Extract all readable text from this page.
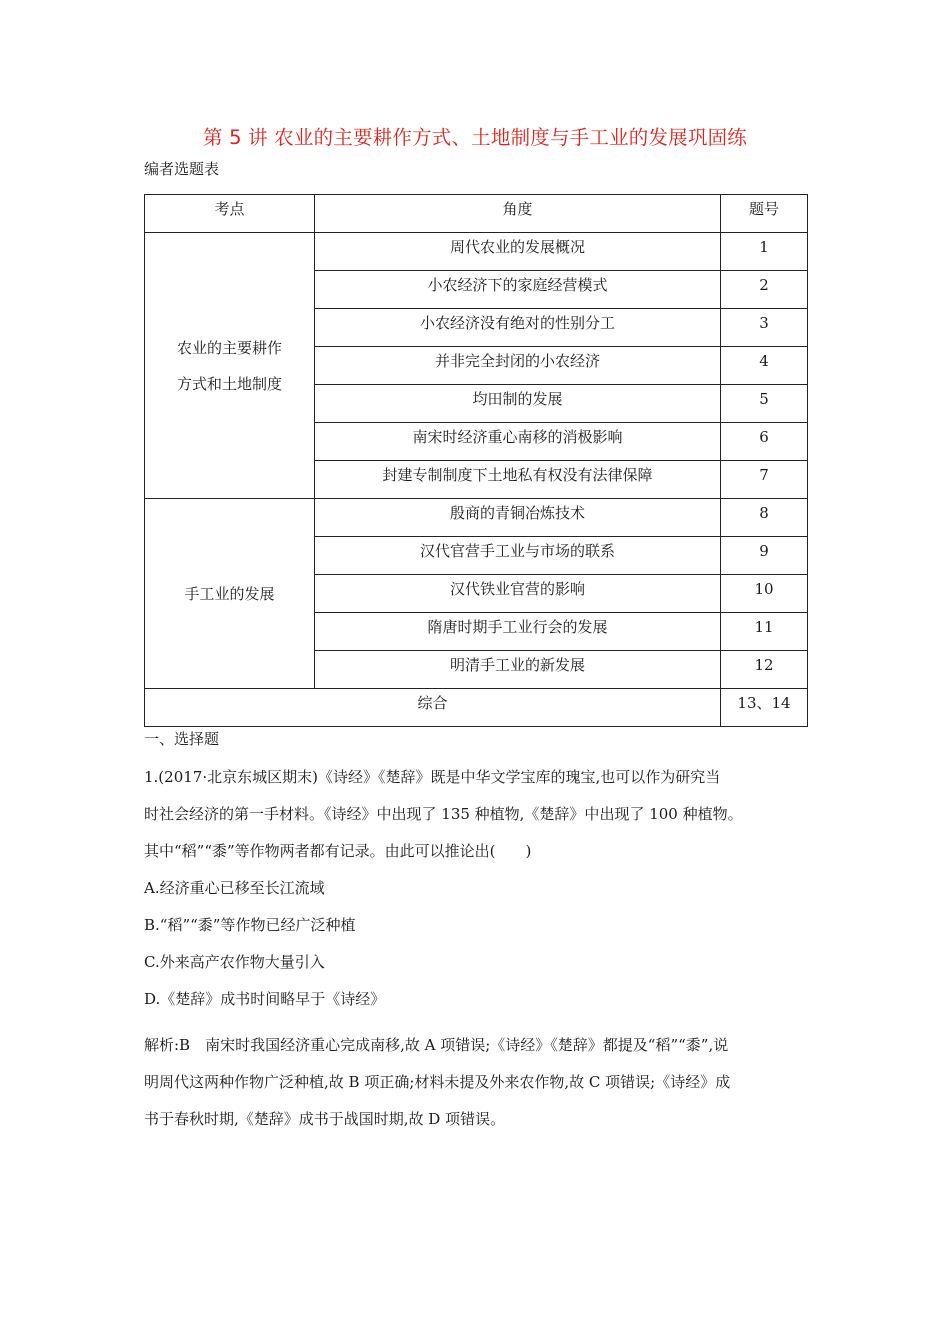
第 5 讲 农业的主要耕作方式、土地制度与手工业的发展巩固练
编者选题表
考点	角度	题号
农业的主要耕作
方式和土地制度	周代农业的发展概况	1
	小农经济下的家庭经营模式	2
	小农经济没有绝对的性别分工	3
	并非完全封闭的小农经济	4
	均田制的发展	5
	南宋时经济重心南移的消极影响	6
	封建专制制度下土地私有权没有法律保障	7
手工业的发展	殷商的青铜冶炼技术	8
	汉代官营手工业与市场的联系	9
	汉代铁业官营的影响	10
	隋唐时期手工业行会的发展	11
	明清手工业的新发展	12
综合		13、14
一、选择题

1.(2017·北京东城区期末)《诗经》《楚辞》既是中华文学宝库的瑰宝,也可以作为研究当

时社会经济的第一手材料。《诗经》中出现了 135 种植物,《楚辞》中出现了 100 种植物。

其中“稻”“黍”等作物两者都有记录。由此可以推论出(　　)

A.经济重心已移至长江流域

B.“稻”“黍”等作物已经广泛种植

C.外来高产农作物大量引入

D.《楚辞》成书时间略早于《诗经》

解析:B　南宋时我国经济重心完成南移,故 A 项错误;《诗经》《楚辞》都提及“稻”“黍”,说
明周代这两种作物广泛种植,故 B 项正确;材料未提及外来农作物,故 C 项错误;《诗经》成
书于春秋时期,《楚辞》成书于战国时期,故 D 项错误。
